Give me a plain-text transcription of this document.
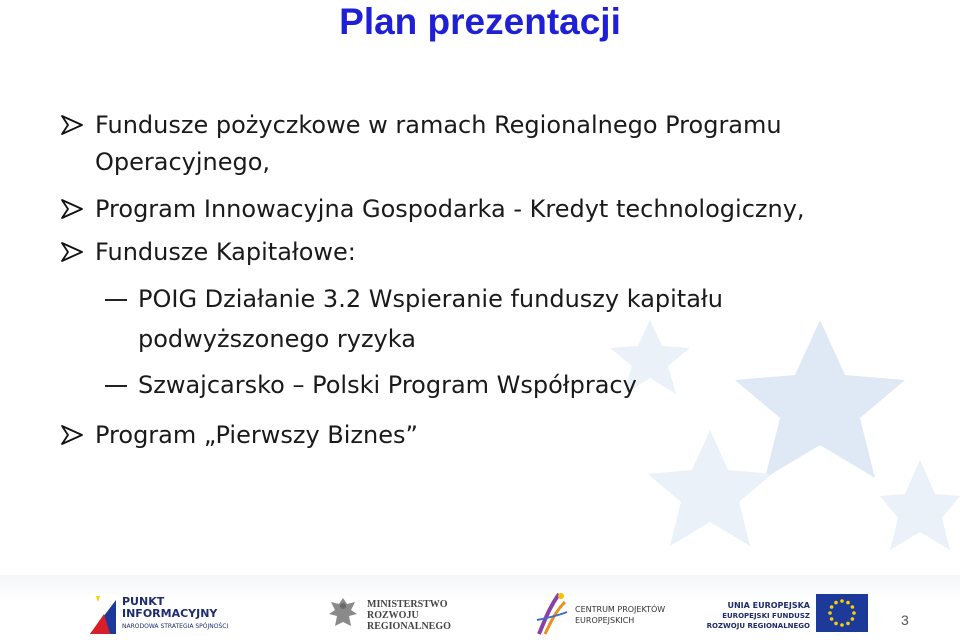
Plan prezentacji
Fundusze pożyczkowe w ramach Regionalnego Programu
Operacyjnego,
Program Innowacyjna Gospodarka - Kredyt technologiczny,
Fundusze Kapitałowe:
POIG Działanie 3.2 Wspieranie funduszy kapitału
podwyższonego ryzyka
Szwajcarsko – Polski Program Współpracy
Program „Pierwszy Biznes”
PUNKT
INFORMACYJNY
NARODOWA STRATEGIA SPÓJNOŚCI
MINISTERSTWO
ROZWOJU
REGIONALNEGO
CENTRUM PROJEKTÓW
EUROPEJSKICH
UNIA EUROPEJSKA
EUROPEJSKI FUNDUSZ
ROZWOJU REGIONALNEGO	3
